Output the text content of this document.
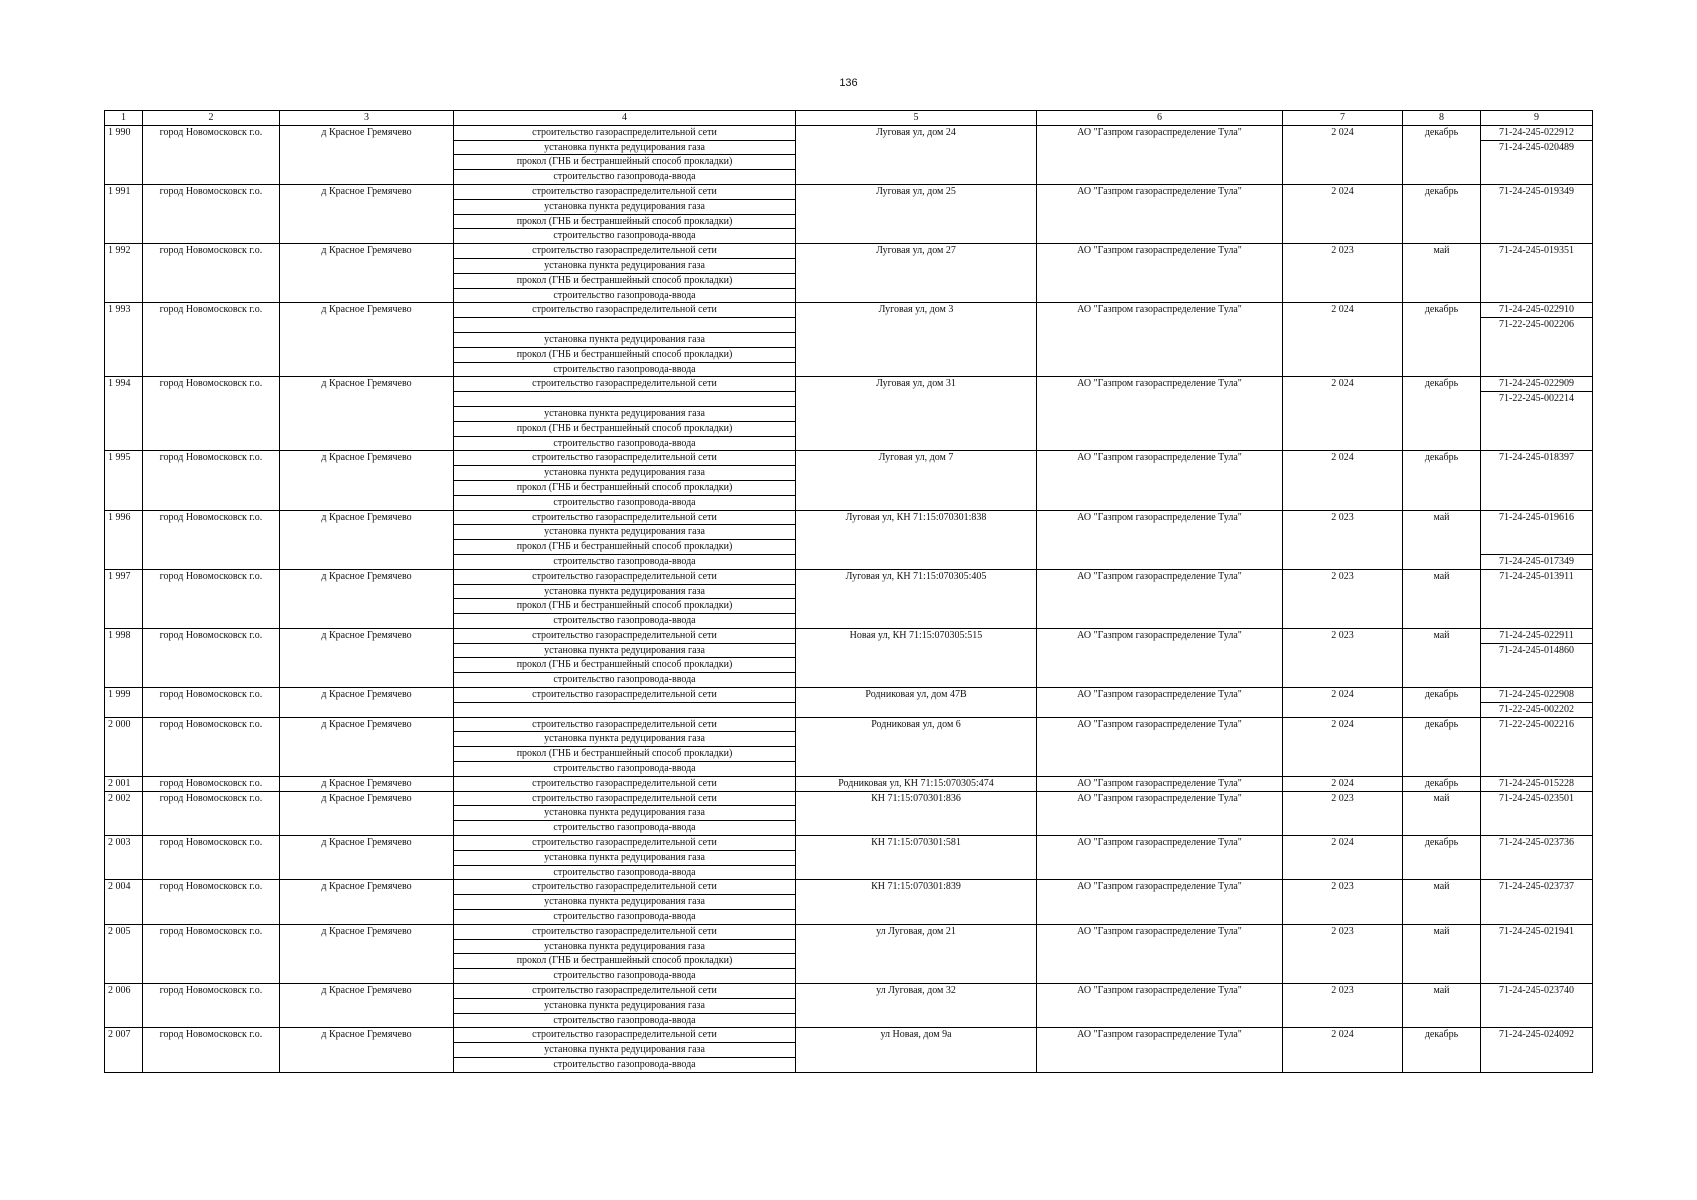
136
1	2	3	4	5	6	7	8	9
1 990	город Новомосковск г.о.	д Красное Гремячево	строительство газораспределительной сети	Луговая ул, дом 24	АО "Газпром газораспределение Тула"	2 024	декабрь	71-24-245-022912
			установка пункта редуцирования газа					71-24-245-020489
			прокол (ГНБ и бестраншейный способ прокладки)					
			строительство газопровода-ввода					
1 991	город Новомосковск г.о.	д Красное Гремячево	строительство газораспределительной сети	Луговая ул, дом 25	АО "Газпром газораспределение Тула"	2 024	декабрь	71-24-245-019349
			установка пункта редуцирования газа					
			прокол (ГНБ и бестраншейный способ прокладки)					
			строительство газопровода-ввода					
1 992	город Новомосковск г.о.	д Красное Гремячево	строительство газораспределительной сети	Луговая ул, дом 27	АО "Газпром газораспределение Тула"	2 023	май	71-24-245-019351
			установка пункта редуцирования газа					
			прокол (ГНБ и бестраншейный способ прокладки)					
			строительство газопровода-ввода					
1 993	город Новомосковск г.о.	д Красное Гремячево	строительство газораспределительной сети	Луговая ул, дом 3	АО "Газпром газораспределение Тула"	2 024	декабрь	71-24-245-022910
								71-22-245-002206
			установка пункта редуцирования газа					
			прокол (ГНБ и бестраншейный способ прокладки)					
			строительство газопровода-ввода					
1 994	город Новомосковск г.о.	д Красное Гремячево	строительство газораспределительной сети	Луговая ул, дом 31	АО "Газпром газораспределение Тула"	2 024	декабрь	71-24-245-022909
								71-22-245-002214
			установка пункта редуцирования газа					
			прокол (ГНБ и бестраншейный способ прокладки)					
			строительство газопровода-ввода					
1 995	город Новомосковск г.о.	д Красное Гремячево	строительство газораспределительной сети	Луговая ул, дом 7	АО "Газпром газораспределение Тула"	2 024	декабрь	71-24-245-018397
			установка пункта редуцирования газа					
			прокол (ГНБ и бестраншейный способ прокладки)					
			строительство газопровода-ввода					
1 996	город Новомосковск г.о.	д Красное Гремячево	строительство газораспределительной сети	Луговая ул, КН 71:15:070301:838	АО "Газпром газораспределение Тула"	2 023	май	71-24-245-019616
			установка пункта редуцирования газа					
			прокол (ГНБ и бестраншейный способ прокладки)					
			строительство газопровода-ввода					71-24-245-017349
1 997	город Новомосковск г.о.	д Красное Гремячево	строительство газораспределительной сети	Луговая ул, КН 71:15:070305:405	АО "Газпром газораспределение Тула"	2 023	май	71-24-245-013911
			установка пункта редуцирования газа					
			прокол (ГНБ и бестраншейный способ прокладки)					
			строительство газопровода-ввода					
1 998	город Новомосковск г.о.	д Красное Гремячево	строительство газораспределительной сети	Новая ул, КН 71:15:070305:515	АО "Газпром газораспределение Тула"	2 023	май	71-24-245-022911
			установка пункта редуцирования газа					71-24-245-014860
			прокол (ГНБ и бестраншейный способ прокладки)					
			строительство газопровода-ввода					
1 999	город Новомосковск г.о.	д Красное Гремячево	строительство газораспределительной сети	Родниковая ул, дом 47В	АО "Газпром газораспределение Тула"	2 024	декабрь	71-24-245-022908
								71-22-245-002202
2 000	город Новомосковск г.о.	д Красное Гремячево	строительство газораспределительной сети	Родниковая ул, дом 6	АО "Газпром газораспределение Тула"	2 024	декабрь	71-22-245-002216
			установка пункта редуцирования газа					
			прокол (ГНБ и бестраншейный способ прокладки)					
			строительство газопровода-ввода					
2 001	город Новомосковск г.о.	д Красное Гремячево	строительство газораспределительной сети	Родниковая ул, КН 71:15:070305:474	АО "Газпром газораспределение Тула"	2 024	декабрь	71-24-245-015228
2 002	город Новомосковск г.о.	д Красное Гремячево	строительство газораспределительной сети	КН 71:15:070301:836	АО "Газпром газораспределение Тула"	2 023	май	71-24-245-023501
			установка пункта редуцирования газа					
			строительство газопровода-ввода					
2 003	город Новомосковск г.о.	д Красное Гремячево	строительство газораспределительной сети	КН 71:15:070301:581	АО "Газпром газораспределение Тула"	2 024	декабрь	71-24-245-023736
			установка пункта редуцирования газа					
			строительство газопровода-ввода					
2 004	город Новомосковск г.о.	д Красное Гремячево	строительство газораспределительной сети	КН 71:15:070301:839	АО "Газпром газораспределение Тула"	2 023	май	71-24-245-023737
			установка пункта редуцирования газа					
			строительство газопровода-ввода					
2 005	город Новомосковск г.о.	д Красное Гремячево	строительство газораспределительной сети	ул Луговая, дом 21	АО "Газпром газораспределение Тула"	2 023	май	71-24-245-021941
			установка пункта редуцирования газа					
			прокол (ГНБ и бестраншейный способ прокладки)					
			строительство газопровода-ввода					
2 006	город Новомосковск г.о.	д Красное Гремячево	строительство газораспределительной сети	ул Луговая, дом 32	АО "Газпром газораспределение Тула"	2 023	май	71-24-245-023740
			установка пункта редуцирования газа					
			строительство газопровода-ввода					
2 007	город Новомосковск г.о.	д Красное Гремячево	строительство газораспределительной сети	ул Новая, дом 9а	АО "Газпром газораспределение Тула"	2 024	декабрь	71-24-245-024092
			установка пункта редуцирования газа					
			строительство газопровода-ввода					
